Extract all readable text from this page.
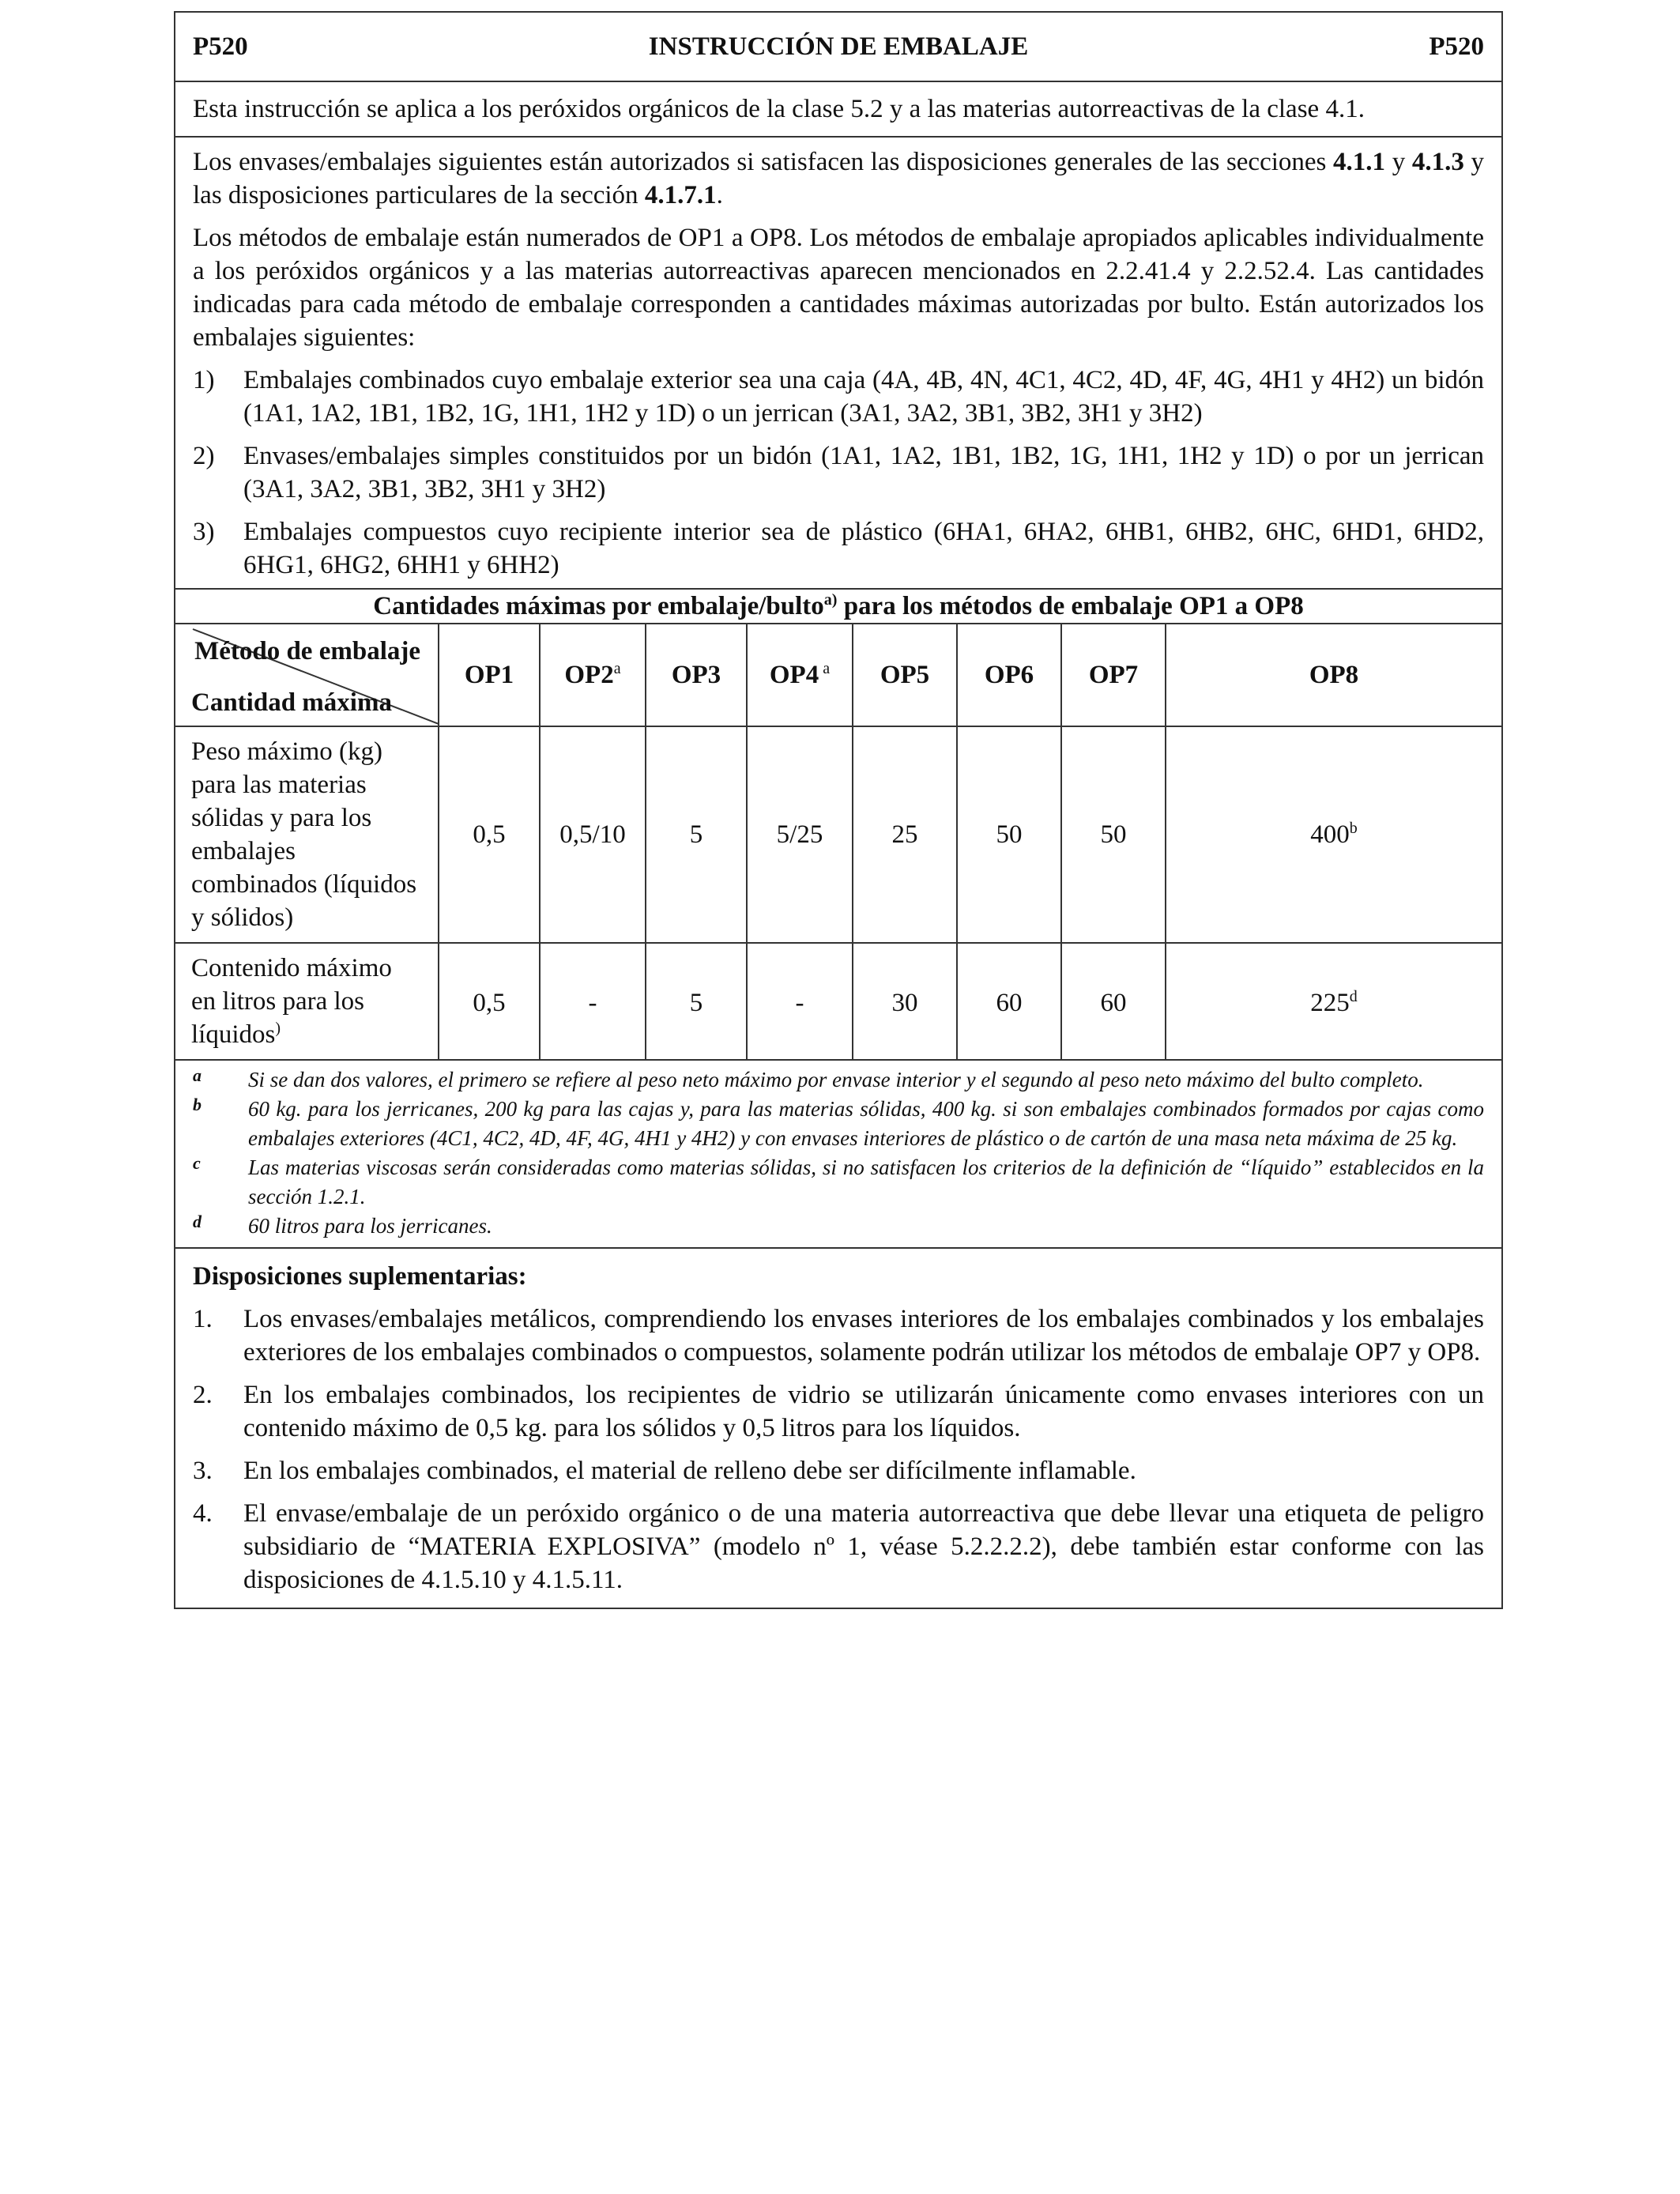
P520	INSTRUCCIÓN DE EMBALAJE	P520
Esta instrucción se aplica a los peróxidos orgánicos de la clase 5.2 y a las materias autorreactivas de la clase 4.1.

Los envases/embalajes siguientes están autorizados si satisfacen las disposiciones generales de las secciones 4.1.1 y 4.1.3 y las disposiciones particulares de la sección 4.1.7.1.

Los métodos de embalaje están numerados de OP1 a OP8. Los métodos de embalaje apropiados aplicables individualmente a los peróxidos orgánicos y a las materias autorreactivas aparecen mencionados en 2.2.41.4 y 2.2.52.4. Las cantidades indicadas para cada método de embalaje corresponden a cantidades máximas autorizadas por bulto. Están autorizados los embalajes siguientes:

1)	Embalajes combinados cuyo embalaje exterior sea una caja (4A, 4B, 4N, 4C1, 4C2, 4D, 4F, 4G, 4H1 y 4H2) un bidón (1A1, 1A2, 1B1, 1B2, 1G, 1H1, 1H2 y 1D) o un jerrican (3A1, 3A2, 3B1, 3B2, 3H1 y 3H2)
2)	Envases/embalajes simples constituidos por un bidón (1A1, 1A2, 1B1, 1B2, 1G, 1H1, 1H2 y 1D) o por un jerrican (3A1, 3A2, 3B1, 3B2, 3H1 y 3H2)
3)	Embalajes compuestos cuyo recipiente interior sea de plástico (6HA1, 6HA2, 6HB1, 6HB2, 6HC, 6HD1, 6HD2, 6HG1, 6HG2, 6HH1 y 6HH2)
Cantidades máximas por embalaje/bulto$^{a)}$ para los métodos de embalaje OP1 a OP8
Método de embalaje
Cantidad máxima	OP1	OP2$^a$	OP3	OP4 $^a$	OP5	OP6	OP7	OP8
Peso máximo (kg) para las materias sólidas y para los embalajes combinados (líquidos y sólidos)	0,5	0,5/10	5	5/25	25	50	50	400$^b$
Contenido máximo en litros para los líquidos)	0,5	-	5	-	30	60	60	225$^d$
a	Si se dan dos valores, el primero se refiere al peso neto máximo por envase interior y el segundo al peso neto máximo del bulto completo.
b	60 kg. para los jerricanes, 200 kg para las cajas y, para las materias sólidas, 400 kg. si son embalajes combinados formados por cajas como embalajes exteriores (4C1, 4C2, 4D, 4F, 4G, 4H1 y 4H2) y con envases interiores de plástico o de cartón de una masa neta máxima de 25 kg.
c	Las materias viscosas serán consideradas como materias sólidas, si no satisfacen los criterios de la definición de “líquido” establecidos en la sección 1.2.1.
d	60 litros para los jerricanes.
Disposiciones suplementarias:
1.	Los envases/embalajes metálicos, comprendiendo los envases interiores de los embalajes combinados y los embalajes exteriores de los embalajes combinados o compuestos, solamente podrán utilizar los métodos de embalaje OP7 y OP8.
2.	En los embalajes combinados, los recipientes de vidrio se utilizarán únicamente como envases interiores con un contenido máximo de 0,5 kg. para los sólidos y 0,5 litros para los líquidos.
3.	En los embalajes combinados, el material de relleno debe ser difícilmente inflamable.
4.	El envase/embalaje de un peróxido orgánico o de una materia autorreactiva que debe llevar una etiqueta de peligro subsidiario de “MATERIA EXPLOSIVA” (modelo nº 1, véase 5.2.2.2.2), debe también estar conforme con las disposiciones de 4.1.5.10 y 4.1.5.11.
